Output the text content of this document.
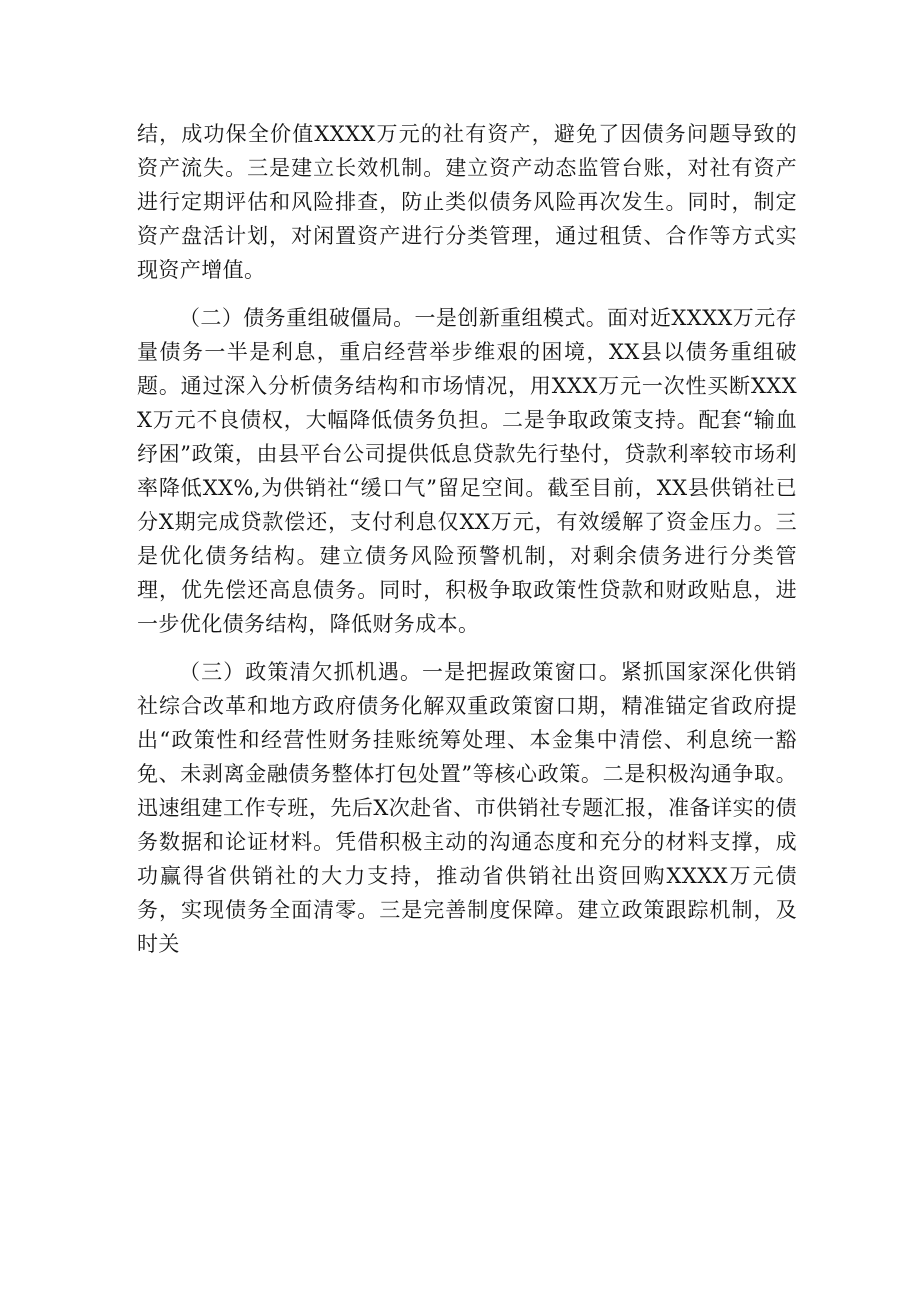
结，成功保全价值XXXX万元的社有资产，避免了因债务问题导致的资产流失。三是建立长效机制。建立资产动态监管台账，对社有资产进行定期评估和风险排查，防止类似债务风险再次发生。同时，制定资产盘活计划，对闲置资产进行分类管理，通过租赁、合作等方式实现资产增值。

（二）债务重组破僵局。一是创新重组模式。面对近XXXX万元存量债务一半是利息，重启经营举步维艰的困境，XX县以债务重组破题。通过深入分析债务结构和市场情况，用XXX万元一次性买断XXXX万元不良债权，大幅降低债务负担。二是争取政策支持。配套“输血纾困”政策，由县平台公司提供低息贷款先行垫付，贷款利率较市场利率降低XX%,为供销社“缓口气”留足空间。截至目前，XX县供销社已分X期完成贷款偿还，支付利息仅XX万元，有效缓解了资金压力。三是优化债务结构。建立债务风险预警机制，对剩余债务进行分类管理，优先偿还高息债务。同时，积极争取政策性贷款和财政贴息，进一步优化债务结构，降低财务成本。

（三）政策清欠抓机遇。一是把握政策窗口。紧抓国家深化供销社综合改革和地方政府债务化解双重政策窗口期，精准锚定省政府提出“政策性和经营性财务挂账统筹处理、本金集中清偿、利息统一豁免、未剥离金融债务整体打包处置”等核心政策。二是积极沟通争取。迅速组建工作专班，先后X次赴省、市供销社专题汇报，准备详实的债务数据和论证材料。凭借积极主动的沟通态度和充分的材料支撑，成功赢得省供销社的大力支持，推动省供销社出资回购XXXX万元债务，实现债务全面清零。三是完善制度保障。建立政策跟踪机制，及时关
